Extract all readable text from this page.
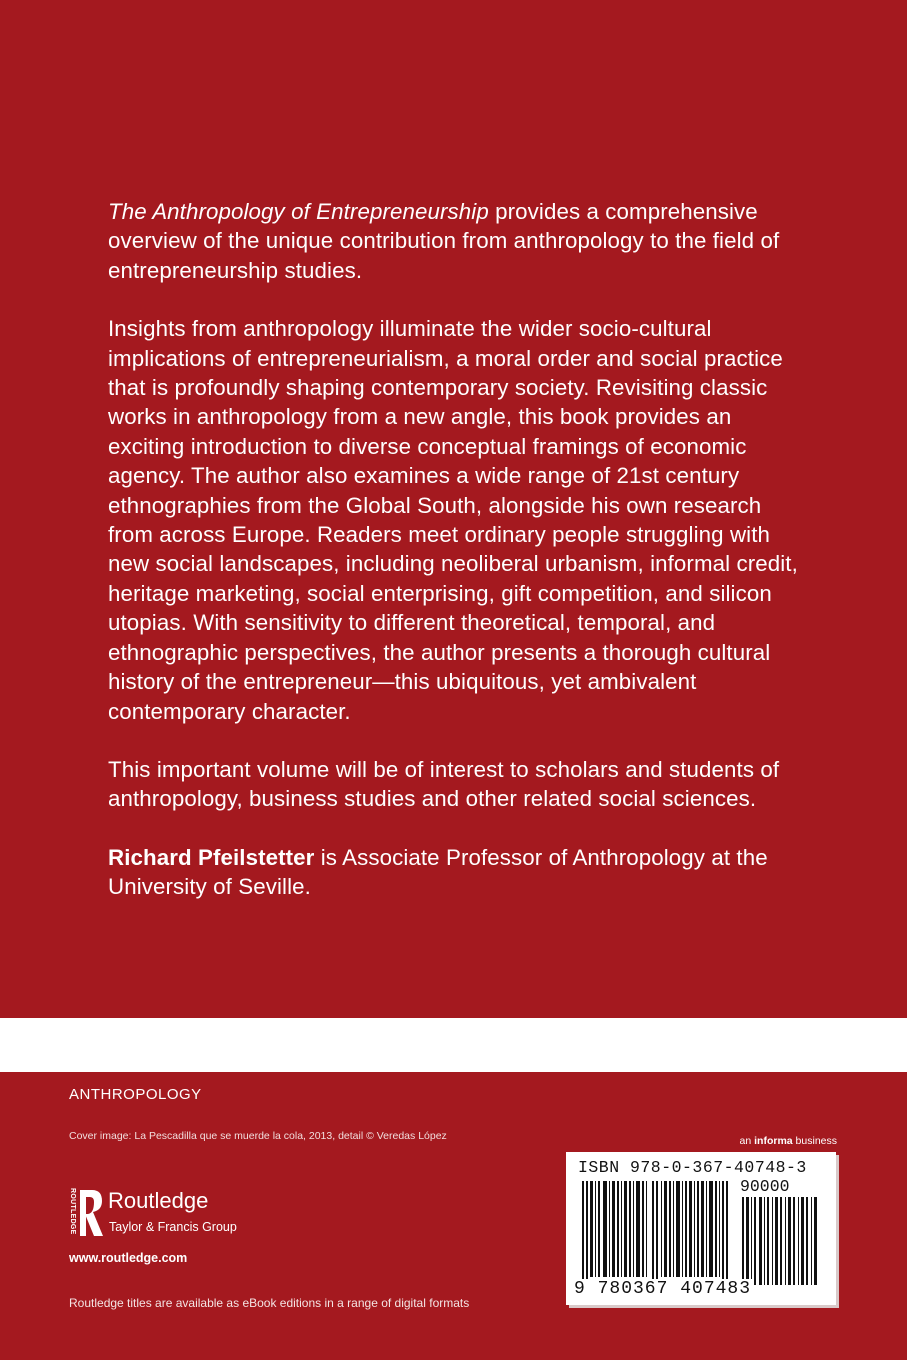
The Anthropology of Entrepreneurship provides a comprehensive overview of the unique contribution from anthropology to the field of entrepreneurship studies.

Insights from anthropology illuminate the wider socio-cultural implications of entrepreneurialism, a moral order and social practice that is profoundly shaping contemporary society. Revisiting classic works in anthropology from a new angle, this book provides an exciting introduction to diverse conceptual framings of economic agency. The author also examines a wide range of 21st century ethnographies from the Global South, alongside his own research from across Europe. Readers meet ordinary people struggling with new social landscapes, including neoliberal urbanism, informal credit, heritage marketing, social enterprising, gift competition, and silicon utopias. With sensitivity to different theoretical, temporal, and ethnographic perspectives, the author presents a thorough cultural history of the entrepreneur—this ubiquitous, yet ambivalent contemporary character.

This important volume will be of interest to scholars and students of anthropology, business studies and other related social sciences.

Richard Pfeilstetter is Associate Professor of Anthropology at the University of Seville.

ANTHROPOLOGY
Cover image: La Pescadilla que se muerde la cola, 2013, detail © Veredas López
ROUTLEDGE Routledge
Taylor & Francis Group
www.routledge.com
Routledge titles are available as eBook editions in a range of digital formats
an informa business
ISBN 978-0-367-40748-3
90000
9 780367 407483
